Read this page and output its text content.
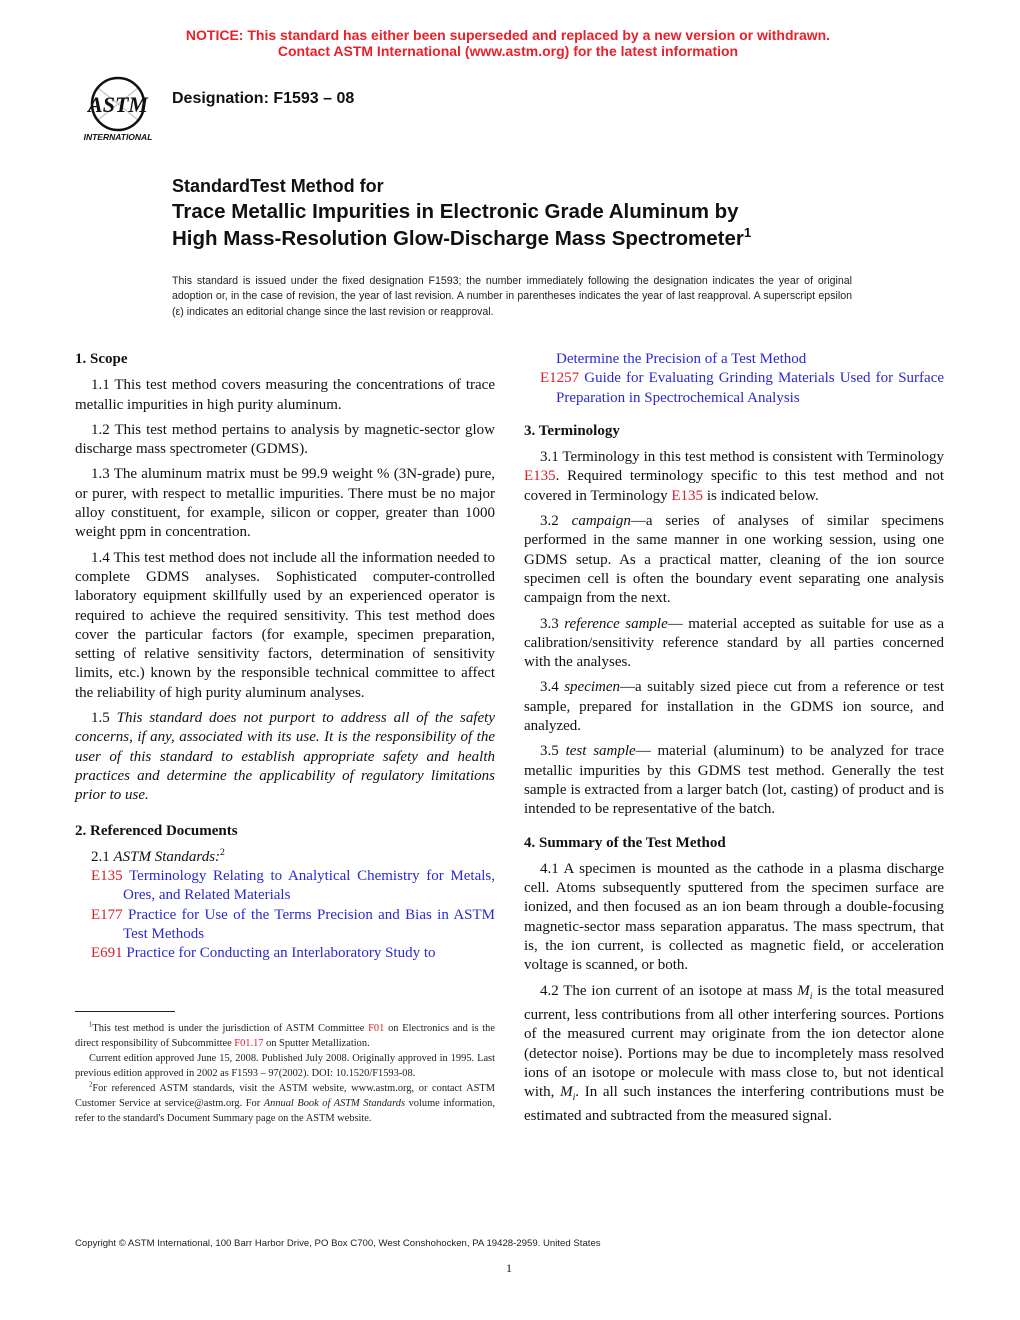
NOTICE: This standard has either been superseded and replaced by a new version or withdrawn.
Contact ASTM International (www.astm.org) for the latest information
ASTM
INTERNATIONAL
Designation: F1593 – 08
StandardTest Method for
Trace Metallic Impurities in Electronic Grade Aluminum by
High Mass-Resolution Glow-Discharge Mass Spectrometer$^1$
This standard is issued under the fixed designation F1593; the number immediately following the designation indicates the year of original adoption or, in the case of revision, the year of last revision. A number in parentheses indicates the year of last reapproval. A superscript epsilon (ε) indicates an editorial change since the last revision or reapproval.
1. Scope

1.1 This test method covers measuring the concentrations of trace metallic impurities in high purity aluminum.

1.2 This test method pertains to analysis by magnetic-sector glow discharge mass spectrometer (GDMS).

1.3 The aluminum matrix must be 99.9 weight % (3N-grade) pure, or purer, with respect to metallic impurities. There must be no major alloy constituent, for example, silicon or copper, greater than 1000 weight ppm in concentration.

1.4 This test method does not include all the information needed to complete GDMS analyses. Sophisticated computer-controlled laboratory equipment skillfully used by an experienced operator is required to achieve the required sensitivity. This test method does cover the particular factors (for example, specimen preparation, setting of relative sensitivity factors, determination of sensitivity limits, etc.) known by the responsible technical committee to affect the reliability of high purity aluminum analyses.

1.5 This standard does not purport to address all of the safety concerns, if any, associated with its use. It is the responsibility of the user of this standard to establish appropriate safety and health practices and determine the applicability of regulatory limitations prior to use.

2. Referenced Documents

2.1 ASTM Standards:$^2$

E135 Terminology Relating to Analytical Chemistry for Metals, Ores, and Related Materials

E177 Practice for Use of the Terms Precision and Bias in ASTM Test Methods

E691 Practice for Conducting an Interlaboratory Study to

$^1$This test method is under the jurisdiction of ASTM Committee F01 on Electronics and is the direct responsibility of Subcommittee F01.17 on Sputter Metallization.

Current edition approved June 15, 2008. Published July 2008. Originally approved in 1995. Last previous edition approved in 2002 as F1593 – 97(2002). DOI: 10.1520/F1593-08.

$^2$For referenced ASTM standards, visit the ASTM website, www.astm.org, or contact ASTM Customer Service at service@astm.org. For Annual Book of ASTM Standards volume information, refer to the standard's Document Summary page on the ASTM website.

Determine the Precision of a Test Method

E1257 Guide for Evaluating Grinding Materials Used for Surface Preparation in Spectrochemical Analysis

3. Terminology

3.1 Terminology in this test method is consistent with Terminology E135. Required terminology specific to this test method and not covered in Terminology E135 is indicated below.

3.2 campaign—a series of analyses of similar specimens performed in the same manner in one working session, using one GDMS setup. As a practical matter, cleaning of the ion source specimen cell is often the boundary event separating one analysis campaign from the next.

3.3 reference sample— material accepted as suitable for use as a calibration/sensitivity reference standard by all parties concerned with the analyses.

3.4 specimen—a suitably sized piece cut from a reference or test sample, prepared for installation in the GDMS ion source, and analyzed.

3.5 test sample— material (aluminum) to be analyzed for trace metallic impurities by this GDMS test method. Generally the test sample is extracted from a larger batch (lot, casting) of product and is intended to be representative of the batch.

4. Summary of the Test Method

4.1 A specimen is mounted as the cathode in a plasma discharge cell. Atoms subsequently sputtered from the specimen surface are ionized, and then focused as an ion beam through a double-focusing magnetic-sector mass separation apparatus. The mass spectrum, that is, the ion current, is collected as magnetic field, or acceleration voltage is scanned, or both.

4.2 The ion current of an isotope at mass $M_i$ is the total measured current, less contributions from all other interfering sources. Portions of the measured current may originate from the ion detector alone (detector noise). Portions may be due to incompletely mass resolved ions of an isotope or molecule with mass close to, but not identical with, $M_i$. In all such instances the interfering contributions must be estimated and subtracted from the measured signal.

Copyright © ASTM International, 100 Barr Harbor Drive, PO Box C700, West Conshohocken, PA 19428-2959. United States
1
